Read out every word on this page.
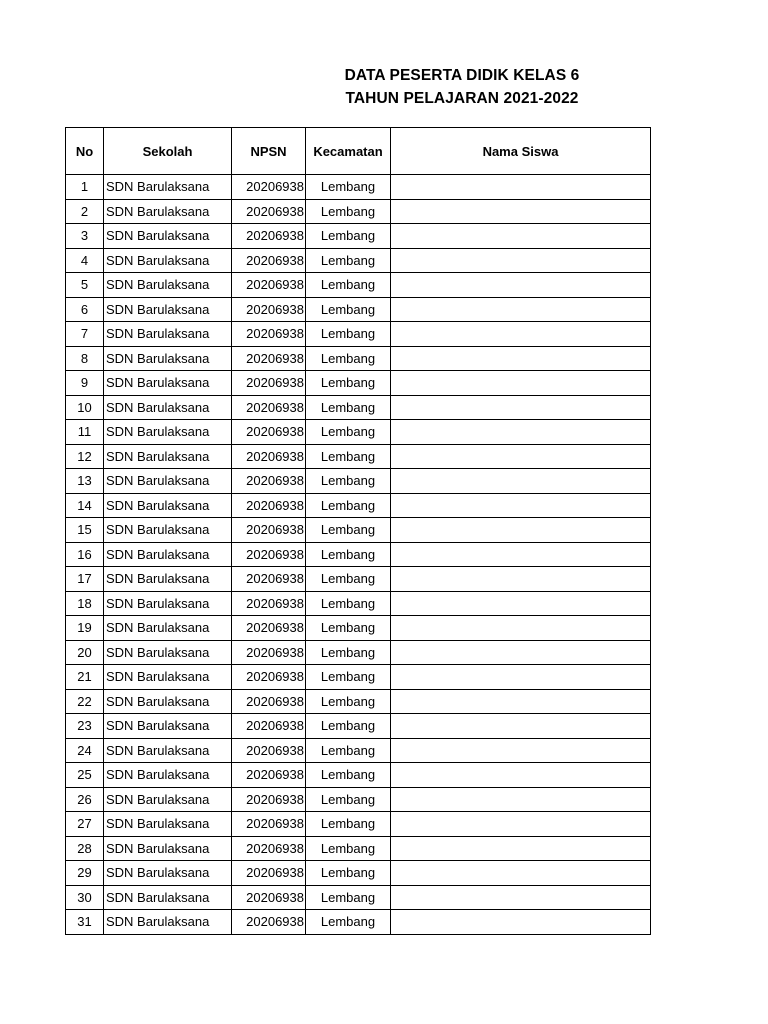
DATA PESERTA DIDIK KELAS 6
TAHUN PELAJARAN 2021-2022
No	Sekolah	NPSN	Kecamatan	Nama Siswa
1	SDN Barulaksana	20206938	Lembang	
2	SDN Barulaksana	20206938	Lembang	
3	SDN Barulaksana	20206938	Lembang	
4	SDN Barulaksana	20206938	Lembang	
5	SDN Barulaksana	20206938	Lembang	
6	SDN Barulaksana	20206938	Lembang	
7	SDN Barulaksana	20206938	Lembang	
8	SDN Barulaksana	20206938	Lembang	
9	SDN Barulaksana	20206938	Lembang	
10	SDN Barulaksana	20206938	Lembang	
11	SDN Barulaksana	20206938	Lembang	
12	SDN Barulaksana	20206938	Lembang	
13	SDN Barulaksana	20206938	Lembang	
14	SDN Barulaksana	20206938	Lembang	
15	SDN Barulaksana	20206938	Lembang	
16	SDN Barulaksana	20206938	Lembang	
17	SDN Barulaksana	20206938	Lembang	
18	SDN Barulaksana	20206938	Lembang	
19	SDN Barulaksana	20206938	Lembang	
20	SDN Barulaksana	20206938	Lembang	
21	SDN Barulaksana	20206938	Lembang	
22	SDN Barulaksana	20206938	Lembang	
23	SDN Barulaksana	20206938	Lembang	
24	SDN Barulaksana	20206938	Lembang	
25	SDN Barulaksana	20206938	Lembang	
26	SDN Barulaksana	20206938	Lembang	
27	SDN Barulaksana	20206938	Lembang	
28	SDN Barulaksana	20206938	Lembang	
29	SDN Barulaksana	20206938	Lembang	
30	SDN Barulaksana	20206938	Lembang	
31	SDN Barulaksana	20206938	Lembang	
